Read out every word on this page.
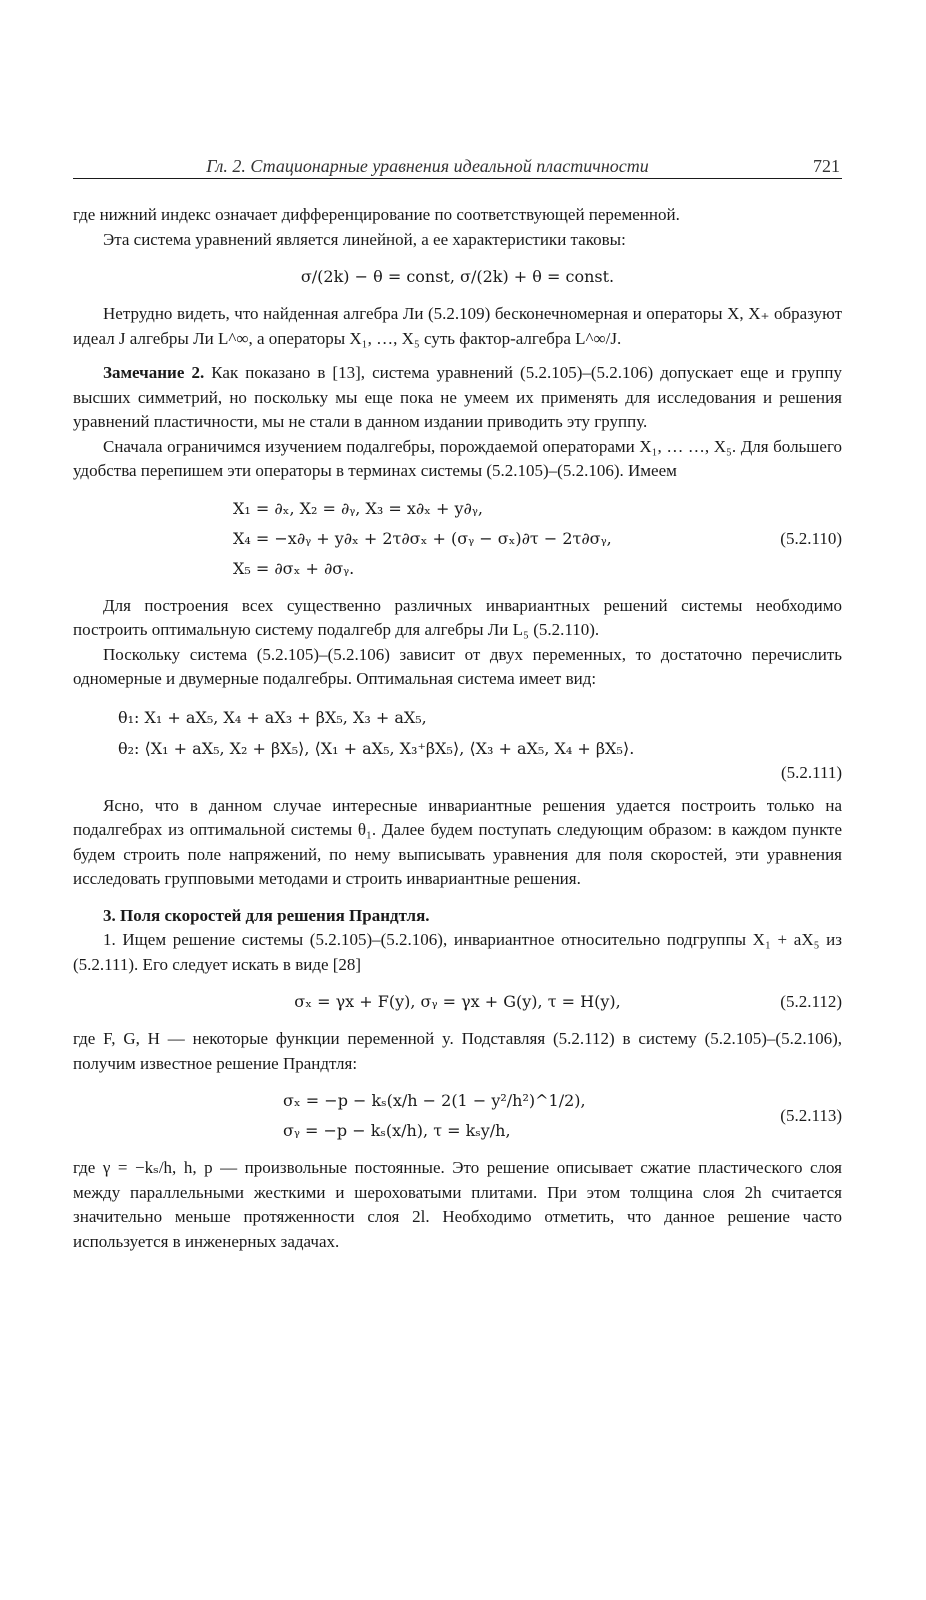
Гл. 2. Стационарные уравнения идеальной пластичности	721

где нижний индекс означает дифференцирование по соответствующей переменной.

Эта система уравнений является линейной, а ее характеристики таковы:

σ/(2k) − θ = const, σ/(2k) + θ = const.

Нетрудно видеть, что найденная алгебра Ли (5.2.109) бесконечномерная и операторы X, X₊ образуют идеал J алгебры Ли L^∞, а операторы X₁, …, X₅ суть фактор-алгебра L^∞/J.

Замечание 2. Как показано в [13], система уравнений (5.2.105)–(5.2.106) допускает еще и группу высших симметрий, но поскольку мы еще пока не умеем их применять для исследования и решения уравнений пластичности, мы не стали в данном издании приводить эту группу.

Сначала ограничимся изучением подалгебры, порождаемой операторами X₁, … …, X₅. Для большего удобства перепишем эти операторы в терминах системы (5.2.105)–(5.2.106). Имеем

X₁ = ∂ₓ, X₂ = ∂ᵧ, X₃ = x∂ₓ + y∂ᵧ,
X₄ = −x∂ᵧ + y∂ₓ + 2τ∂σₓ + (σᵧ − σₓ)∂τ − 2τ∂σᵧ,
X₅ = ∂σₓ + ∂σᵧ.
(5.2.110)

Для построения всех существенно различных инвариантных решений системы необходимо построить оптимальную систему подалгебр для алгебры Ли L₅ (5.2.110).

Поскольку система (5.2.105)–(5.2.106) зависит от двух переменных, то достаточно перечислить одномерные и двумерные подалгебры. Оптимальная система имеет вид:

θ₁: X₁ + aX₅, X₄ + aX₃ + βX₅, X₃ + aX₅,
θ₂: ⟨X₁ + aX₅, X₂ + βX₅⟩, ⟨X₁ + aX₅, X₃⁺βX₅⟩, ⟨X₃ + aX₅, X₄ + βX₅⟩.
(5.2.111)

Ясно, что в данном случае интересные инвариантные решения удается построить только на подалгебрах из оптимальной системы θ₁. Далее будем поступать следующим образом: в каждом пункте будем строить поле напряжений, по нему выписывать уравнения для поля скоростей, эти уравнения исследовать групповыми методами и строить инвариантные решения.

3. Поля скоростей для решения Прандтля.

1. Ищем решение системы (5.2.105)–(5.2.106), инвариантное относительно подгруппы X₁ + aX₅ из (5.2.111). Его следует искать в виде [28]

σₓ = γx + F(y), σᵧ = γx + G(y), τ = H(y),	(5.2.112)

где F, G, H — некоторые функции переменной y. Подставляя (5.2.112) в систему (5.2.105)–(5.2.106), получим известное решение Прандтля:

σₓ = −p − kₛ(x/h − 2(1 − y²/h²)^1/2),
σᵧ = −p − kₛ(x/h), τ = kₛy/h,
(5.2.113)

где γ = −kₛ/h, h, p — произвольные постоянные. Это решение описывает сжатие пластического слоя между параллельными жесткими и шероховатыми плитами. При этом толщина слоя 2h считается значительно меньше протяженности слоя 2l. Необходимо отметить, что данное решение часто используется в инженерных задачах.
